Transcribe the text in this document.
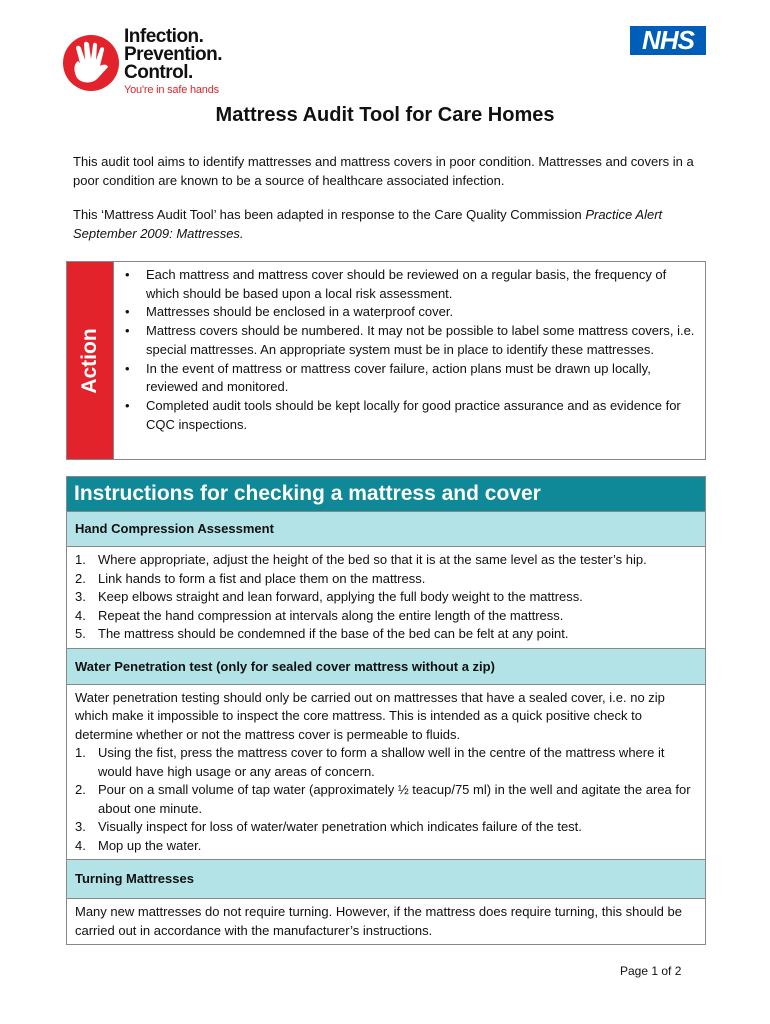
Infection.
Prevention.
Control.
You're in safe hands
NHS
Mattress Audit Tool for Care Homes

This audit tool aims to identify mattresses and mattress covers in poor condition. Mattresses and covers in a poor condition are known to be a source of healthcare associated infection.

This ‘Mattress Audit Tool’ has been adapted in response to the Care Quality Commission Practice Alert September 2009: Mattresses.

Action
• Each mattress and mattress cover should be reviewed on a regular basis, the frequency of which should be based upon a local risk assessment.
• Mattresses should be enclosed in a waterproof cover.
• Mattress covers should be numbered. It may not be possible to label some mattress covers, i.e. special mattresses. An appropriate system must be in place to identify these mattresses.
• In the event of mattress or mattress cover failure, action plans must be drawn up locally, reviewed and monitored.
• Completed audit tools should be kept locally for good practice assurance and as evidence for CQC inspections.
Instructions for checking a mattress and cover
Hand Compression Assessment
1. Where appropriate, adjust the height of the bed so that it is at the same level as the tester’s hip.
2. Link hands to form a fist and place them on the mattress.
3. Keep elbows straight and lean forward, applying the full body weight to the mattress.
4. Repeat the hand compression at intervals along the entire length of the mattress.
5. The mattress should be condemned if the base of the bed can be felt at any point.
Water Penetration test (only for sealed cover mattress without a zip)
Water penetration testing should only be carried out on mattresses that have a sealed cover, i.e. no zip which make it impossible to inspect the core mattress. This is intended as a quick positive check to determine whether or not the mattress cover is permeable to fluids.
1. Using the fist, press the mattress cover to form a shallow well in the centre of the mattress where it would have high usage or any areas of concern.
2. Pour on a small volume of tap water (approximately ½ teacup/75 ml) in the well and agitate the area for about one minute.
3. Visually inspect for loss of water/water penetration which indicates failure of the test.
4. Mop up the water.
Turning Mattresses
Many new mattresses do not require turning. However, if the mattress does require turning, this should be carried out in accordance with the manufacturer’s instructions.
Page 1 of 2
